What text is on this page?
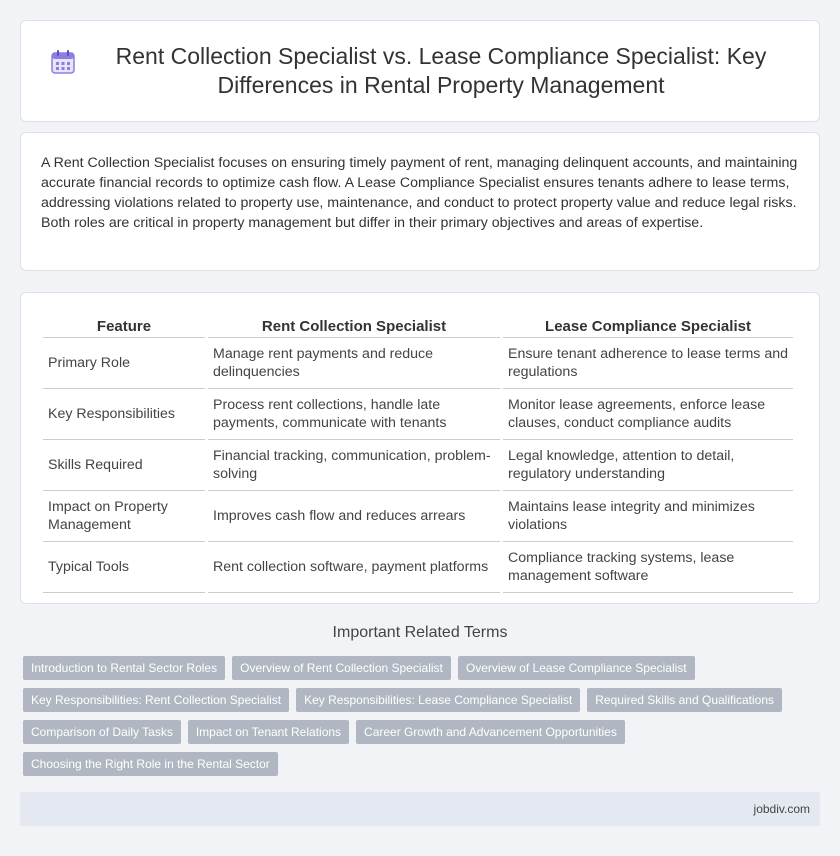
Rent Collection Specialist vs. Lease Compliance Specialist: Key Differences in Rental Property Management

A Rent Collection Specialist focuses on ensuring timely payment of rent, managing delinquent accounts, and maintaining accurate financial records to optimize cash flow. A Lease Compliance Specialist ensures tenants adhere to lease terms, addressing violations related to property use, maintenance, and conduct to protect property value and reduce legal risks. Both roles are critical in property management but differ in their primary objectives and areas of expertise.

Feature	Rent Collection Specialist	Lease Compliance Specialist
Primary Role	Manage rent payments and reduce delinquencies	Ensure tenant adherence to lease terms and regulations
Key Responsibilities	Process rent collections, handle late payments, communicate with tenants	Monitor lease agreements, enforce lease clauses, conduct compliance audits
Skills Required	Financial tracking, communication, problem-solving	Legal knowledge, attention to detail, regulatory understanding
Impact on Property Management	Improves cash flow and reduces arrears	Maintains lease integrity and minimizes violations
Typical Tools	Rent collection software, payment platforms	Compliance tracking systems, lease management software
Important Related Terms
Introduction to Rental Sector Roles	Overview of Rent Collection Specialist	Overview of Lease Compliance Specialist
Key Responsibilities: Rent Collection Specialist	Key Responsibilities: Lease Compliance Specialist	Required Skills and Qualifications
Comparison of Daily Tasks	Impact on Tenant Relations	Career Growth and Advancement Opportunities
Choosing the Right Role in the Rental Sector
jobdiv.com
